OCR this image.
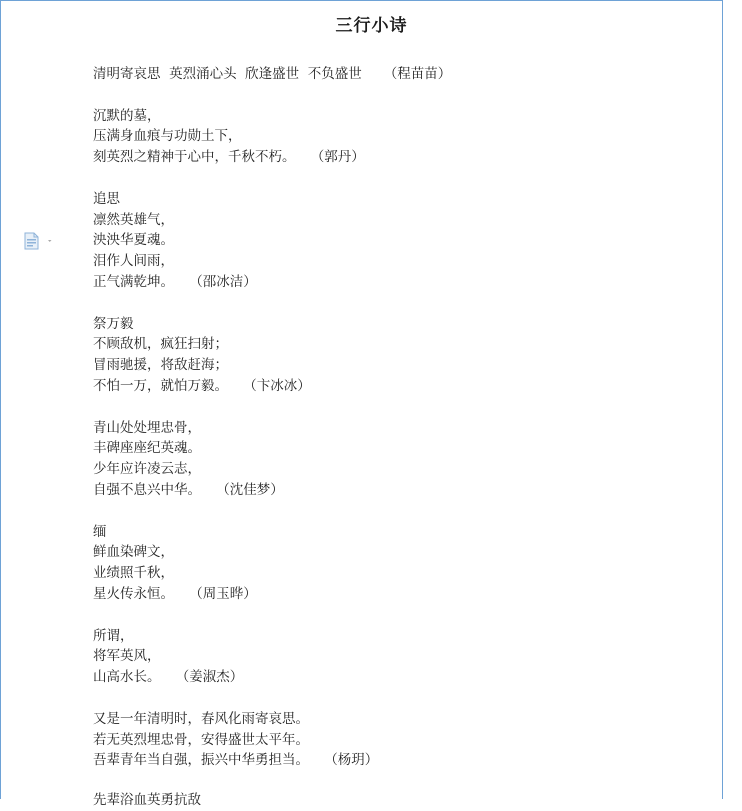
三行小诗
清明寄哀思  英烈涌心头  欣逢盛世  不负盛世 （程苗苗）
沉默的墓，
压满身血痕与功勋土下，
刻英烈之精神于心中，千秋不朽。 （郭丹）
追思
凛然英雄气，
泱泱华夏魂。
泪作人间雨，
正气满乾坤。 （邵冰洁）
祭万毅
不顾敌机，疯狂扫射；
冒雨驰援，将敌赶海；
不怕一万，就怕万毅。 （卞冰冰）
青山处处埋忠骨，
丰碑座座纪英魂。
少年应许凌云志，
自强不息兴中华。 （沈佳梦）
缅
鲜血染碑文，
业绩照千秋，
星火传永恒。 （周玉晔）
所谓，
将军英风，
山高水长。 （姜淑杰）
又是一年清明时，春风化雨寄哀思。
若无英烈埋忠骨，安得盛世太平年。
吾辈青年当自强，振兴中华勇担当。 （杨玥）
先辈浴血英勇抗敌
